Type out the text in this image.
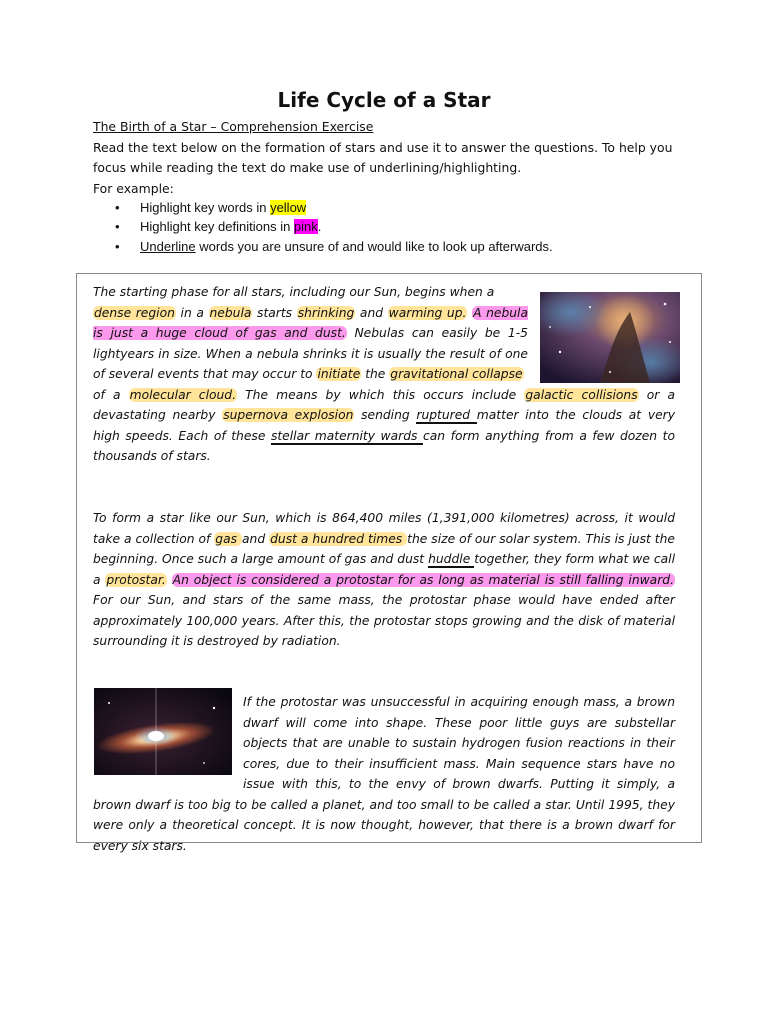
Life Cycle of a Star
The Birth of a Star – Comprehension Exercise
Read the text below on the formation of stars and use it to answer the questions. To help you focus while reading the text do make use of underlining/highlighting.
For example:
• Highlight key words in yellow
• Highlight key definitions in pink.
• Underline words you are unsure of and would like to look up afterwards.
The starting phase for all stars, including our Sun, begins when a
dense region in a nebula starts shrinking and warming up. A nebula is just a huge cloud of gas and dust. Nebulas can easily be 1-5 lightyears in size. When a nebula shrinks it is usually the result of one of several events that may occur to initiate the gravitational collapse
of a molecular cloud. The means by which this occurs include galactic collisions or a devastating nearby supernova explosion sending ruptured matter into the clouds at very high speeds. Each of these stellar maternity wards can form anything from a few dozen to thousands of stars.
To form a star like our Sun, which is 864,400 miles (1,391,000 kilometres) across, it would take a collection of gas and dust a hundred times the size of our solar system. This is just the beginning. Once such a large amount of gas and dust huddle together, they form what we call a protostar. An object is considered a protostar for as long as material is still falling inward. For our Sun, and stars of the same mass, the protostar phase would have ended after approximately 100,000 years. After this, the protostar stops growing and the disk of material surrounding it is destroyed by radiation.
If the protostar was unsuccessful in acquiring enough mass, a brown dwarf will come into shape. These poor little guys are substellar objects that are unable to sustain hydrogen fusion reactions in their cores, due to their insufficient mass. Main sequence stars have no issue with this, to the envy of brown dwarfs. Putting it simply, a brown dwarf is too big to be called a planet, and too small to be called a star. Until 1995, they were only a theoretical concept. It is now thought, however, that there is a brown dwarf for every six stars.
